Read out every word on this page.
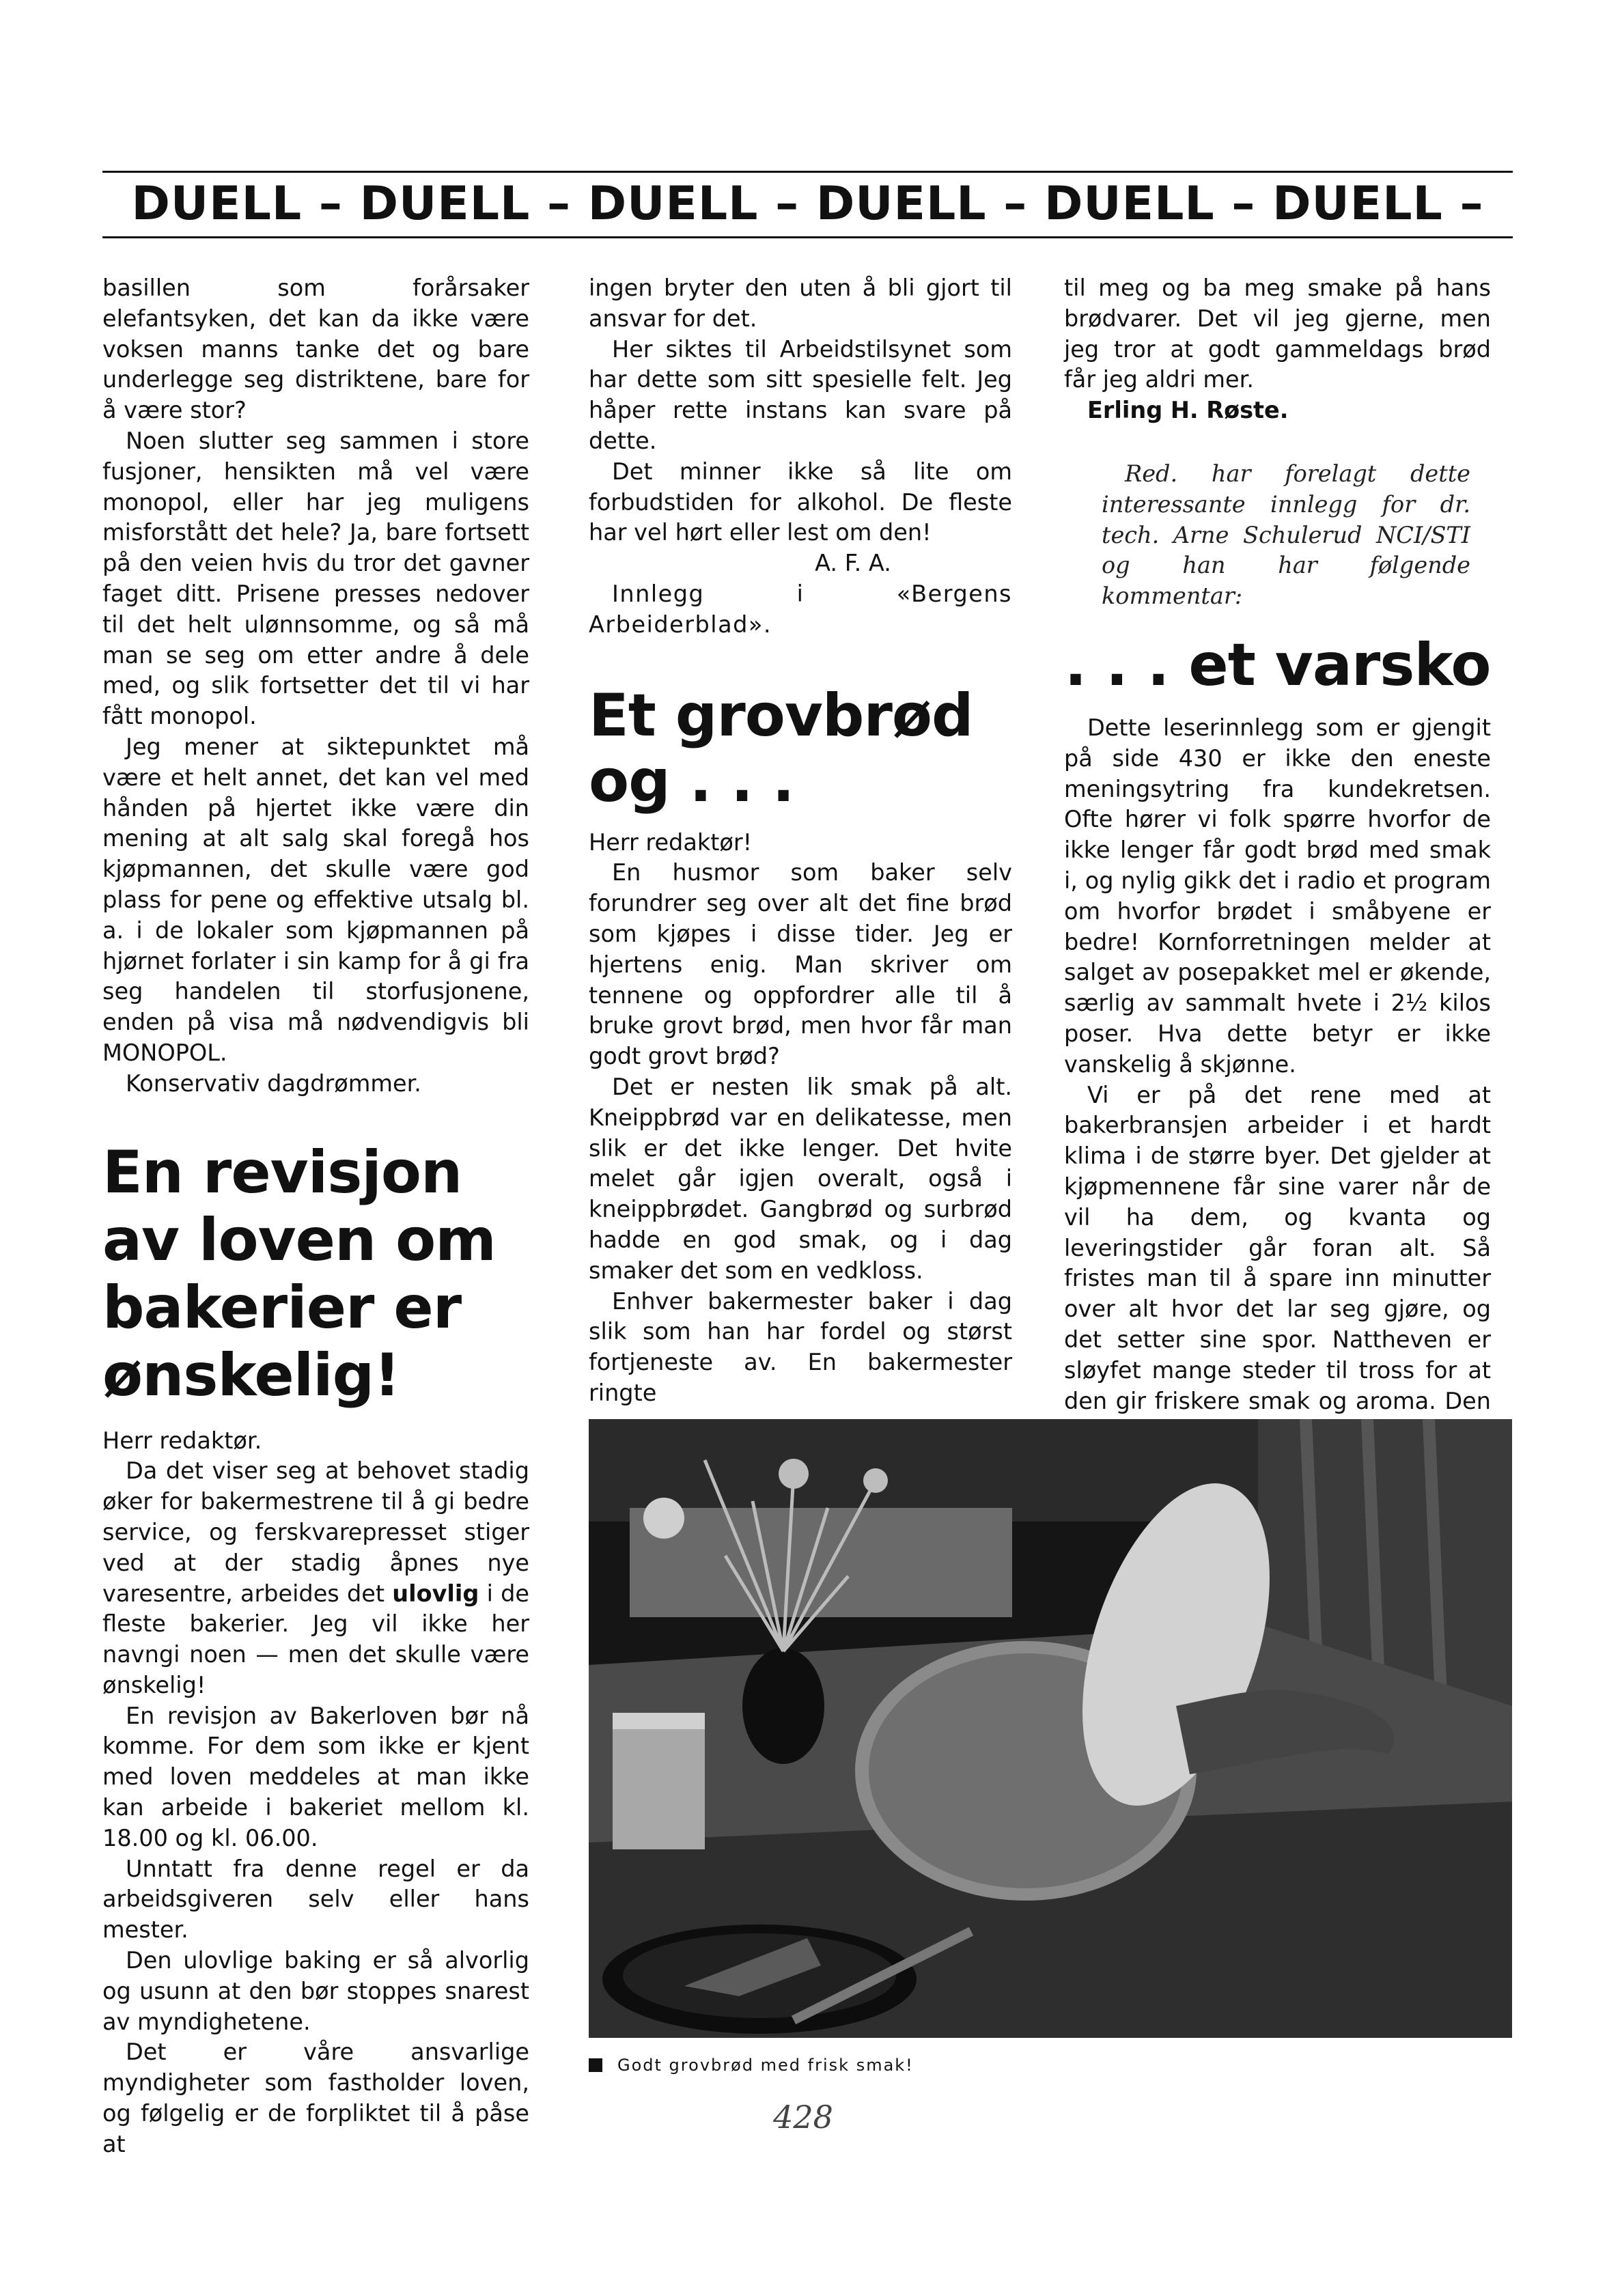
DUELL – DUELL – DUELL – DUELL – DUELL – DUELL –

basillen som forårsaker elefantsyken, det kan da ikke være voksen manns tanke det og bare underlegge seg distriktene, bare for å være stor?

Noen slutter seg sammen i store fusjoner, hensikten må vel være monopol, eller har jeg muligens misforstått det hele? Ja, bare fortsett på den veien hvis du tror det gavner faget ditt. Prisene presses nedover til det helt ulønnsomme, og så må man se seg om etter andre å dele med, og slik fortsetter det til vi har fått monopol.

Jeg mener at siktepunktet må være et helt annet, det kan vel med hånden på hjertet ikke være din mening at alt salg skal foregå hos kjøpmannen, det skulle være god plass for pene og effektive utsalg bl. a. i de lokaler som kjøpmannen på hjørnet forlater i sin kamp for å gi fra seg handelen til storfusjonene, enden på visa må nødvendigvis bli MONOPOL.

Konservativ dagdrømmer.

En revisjon
av loven om
bakerier er
ønskelig!

Herr redaktør.

Da det viser seg at behovet stadig øker for bakermestrene til å gi bedre service, og ferskvarepresset stiger ved at der stadig åpnes nye varesentre, arbeides det ulovlig i de fleste bakerier. Jeg vil ikke her navngi noen — men det skulle være ønskelig!

En revisjon av Bakerloven bør nå komme. For dem som ikke er kjent med loven meddeles at man ikke kan arbeide i bakeriet mellom kl. 18.00 og kl. 06.00.

Unntatt fra denne regel er da arbeidsgiveren selv eller hans mester.

Den ulovlige baking er så alvorlig og usunn at den bør stoppes snarest av myndighetene.

Det er våre ansvarlige myndigheter som fastholder loven, og følgelig er de forpliktet til å påse at

ingen bryter den uten å bli gjort til ansvar for det.

Her siktes til Arbeidstilsynet som har dette som sitt spesielle felt. Jeg håper rette instans kan svare på dette.

Det minner ikke så lite om forbudstiden for alkohol. De fleste har vel hørt eller lest om den!

A. F. A.

Innlegg i «Bergens Arbeiderblad».

Et grovbrød
og . . .

Herr redaktør!

En husmor som baker selv forundrer seg over alt det fine brød som kjøpes i disse tider. Jeg er hjertens enig. Man skriver om tennene og oppfordrer alle til å bruke grovt brød, men hvor får man godt grovt brød?

Det er nesten lik smak på alt. Kneippbrød var en delikatesse, men slik er det ikke lenger. Det hvite melet går igjen overalt, også i kneippbrødet. Gangbrød og surbrød hadde en god smak, og i dag smaker det som en vedkloss.

Enhver bakermester baker i dag slik som han har fordel og størst fortjeneste av. En bakermester ringte

til meg og ba meg smake på hans brødvarer. Det vil jeg gjerne, men jeg tror at godt gammeldags brød får jeg aldri mer.

Erling H. Røste.

Red. har forelagt dette interessante innlegg for dr. tech. Arne Schulerud NCI/STI og han har følgende kommentar:

. . . et varsko

Dette leserinnlegg som er gjengit på side 430 er ikke den eneste meningsytring fra kundekretsen. Ofte hører vi folk spørre hvorfor de ikke lenger får godt brød med smak i, og nylig gikk det i radio et program om hvorfor brødet i småbyene er bedre! Kornforretningen melder at salget av posepakket mel er økende, særlig av sammalt hvete i 2½ kilos poser. Hva dette betyr er ikke vanskelig å skjønne.

Vi er på det rene med at bakerbransjen arbeider i et hardt klima i de større byer. Det gjelder at kjøpmennene får sine varer når de vil ha dem, og kvanta og leveringstider går foran alt. Så fristes man til å spare inn minutter over alt hvor det lar seg gjøre, og det setter sine spor. Nattheven er sløyfet mange steder til tross for at den gir friskere smak og aroma. Den

Godt grovbrød med frisk smak!
428
